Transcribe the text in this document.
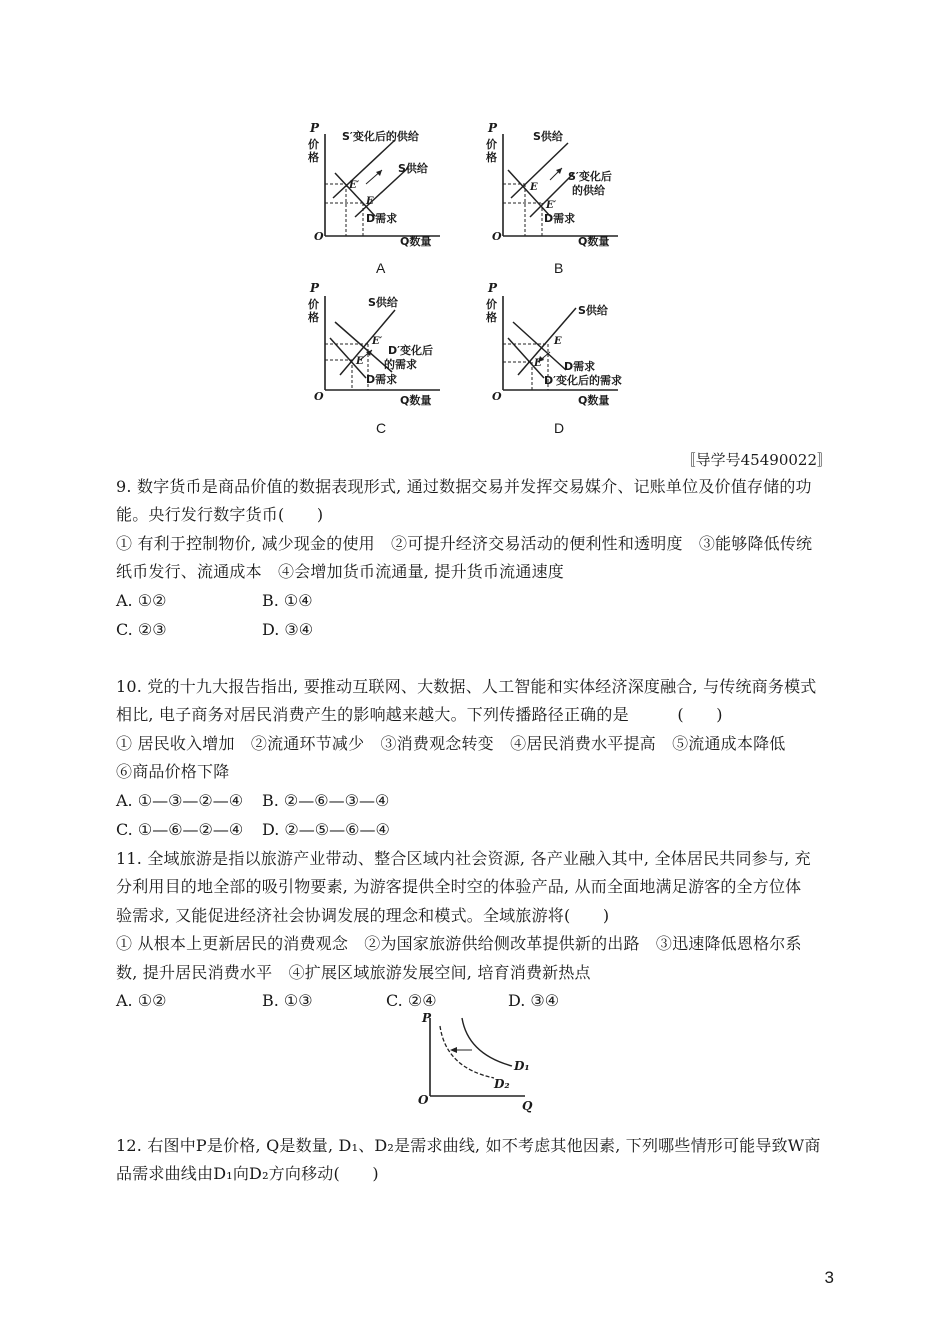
P
价
格
O	Q数量
S′变化后的供给
S供给
E′
E
D需求
A
P
价
格
O	Q数量
S供给
S′变化后
的供给
E
E′
D需求
B
P
价
格
O	Q数量
S供给
E′
D′变化后
的需求
E
D需求
C
P
价
格
O	Q数量
S供给
E
E′ D需求
D′变化后的需求
D
〚导学号45490022〛
9. 数字货币是商品价值的数据表现形式, 通过数据交易并发挥交易媒介、记账单位及价值存储的功
能。央行发行数字货币(　　)
① 有利于控制物价, 减少现金的使用　②可提升经济交易活动的便利性和透明度　③能够降低传统
纸币发行、流通成本　④会增加货币流通量, 提升货币流通速度
A. ①②	B. ①④
C. ②③	D. ③④
10. 党的十九大报告指出, 要推动互联网、大数据、人工智能和实体经济深度融合, 与传统商务模式
相比, 电子商务对居民消费产生的影响越来越大。下列传播路径正确的是　　　(　　)
① 居民收入增加　②流通环节减少　③消费观念转变　④居民消费水平提高　⑤流通成本降低
⑥商品价格下降
A. ①—③—②—④ B. ②—⑥—③—④
C. ①—⑥—②—④ D. ②—⑤—⑥—④
11. 全域旅游是指以旅游产业带动、整合区域内社会资源, 各产业融入其中, 全体居民共同参与, 充
分利用目的地全部的吸引物要素, 为游客提供全时空的体验产品, 从而全面地满足游客的全方位体
验需求, 又能促进经济社会协调发展的理念和模式。全域旅游将(　　)
① 从根本上更新居民的消费观念　②为国家旅游供给侧改革提供新的出路　③迅速降低恩格尔系
数, 提升居民消费水平　④扩展区域旅游发展空间, 培育消费新热点
A. ①②	B. ①③	C. ②④	D. ③④
P
O	Q
D₁
D₂
12. 右图中P是价格, Q是数量, D₁、D₂是需求曲线, 如不考虑其他因素, 下列哪些情形可能导致W商
品需求曲线由D₁向D₂方向移动(　　)
3
